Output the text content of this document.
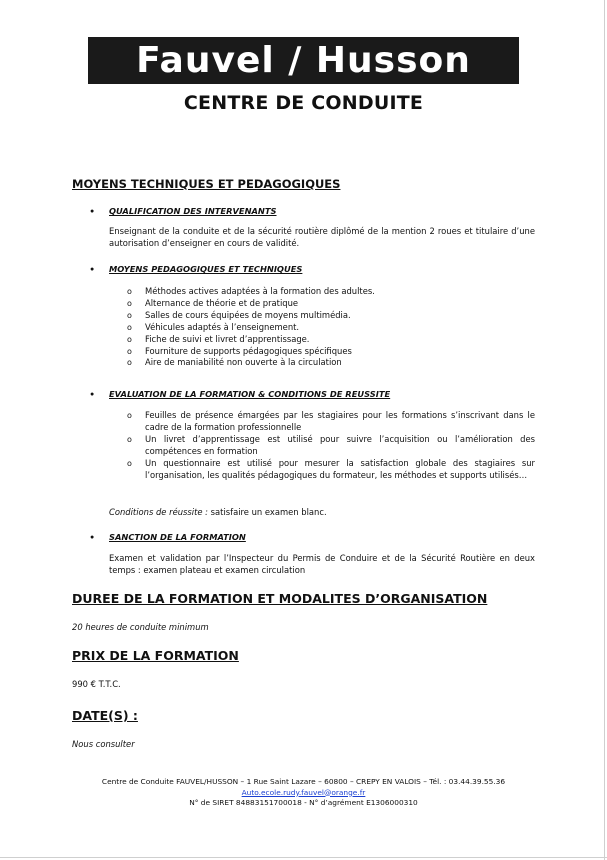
Fauvel / Husson
CENTRE DE CONDUITE
MOYENS TECHNIQUES ET PEDAGOGIQUES
● QUALIFICATION DES INTERVENANTS
Enseignant de la conduite et de la sécurité routière diplômé de la mention 2 roues et titulaire d’une autorisation d’enseigner en cours de validité.
● MOYENS PEDAGOGIQUES ET TECHNIQUES
o Méthodes actives adaptées à la formation des adultes.
o Alternance de théorie et de pratique
o Salles de cours équipées de moyens multimédia.
o Véhicules adaptés à l’enseignement.
o Fiche de suivi et livret d’apprentissage.
o Fourniture de supports pédagogiques spécifiques
o Aire de maniabilité non ouverte à la circulation
● EVALUATION DE LA FORMATION & CONDITIONS DE REUSSITE
o Feuilles de présence émargées par les stagiaires pour les formations s’inscrivant dans le cadre de la formation professionnelle
o Un livret d’apprentissage est utilisé pour suivre l’acquisition ou l’amélioration des compétences en formation
o Un questionnaire est utilisé pour mesurer la satisfaction globale des stagiaires sur l’organisation, les qualités pédagogiques du formateur, les méthodes et supports utilisés…
Conditions de réussite : satisfaire un examen blanc.
● SANCTION DE LA FORMATION
Examen et validation par l’Inspecteur du Permis de Conduire et de la Sécurité Routière en deux temps : examen plateau et examen circulation
DUREE DE LA FORMATION ET MODALITES D’ORGANISATION
20 heures de conduite minimum
PRIX DE LA FORMATION
990 € T.T.C.
DATE(S) :
Nous consulter
Centre de Conduite FAUVEL/HUSSON – 1 Rue Saint Lazare – 60800 – CREPY EN VALOIS – Tél. : 03.44.39.55.36
Auto.ecole.rudy.fauvel@orange.fr
N° de SIRET 84883151700018 - N° d’agrément E1306000310
